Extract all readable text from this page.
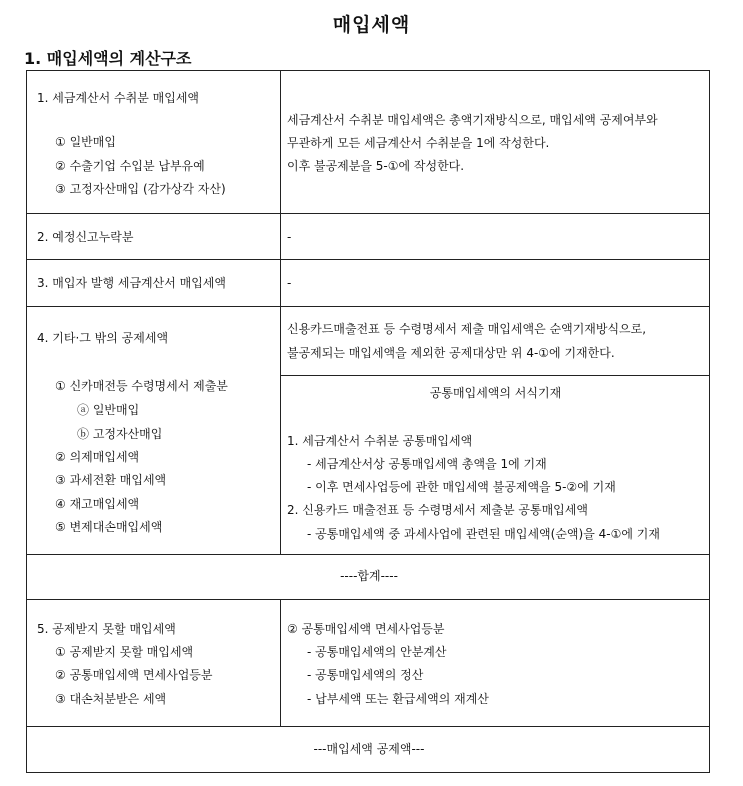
매입세액
1. 매입세액의 계산구조
1. 세금계산서 수취분 매입세액
① 일반매입
② 수출기업 수입분 납부유예
③ 고정자산매입 (감가상각 자산)
세금계산서 수취분 매입세액은 총액기재방식으로, 매입세액 공제여부와
무관하게 모든 세금계산서 수취분을 1에 작성한다.
이후 불공제분을 5-①에 작성한다.
2. 예정신고누락분	-
3. 매입자 발행 세금계산서 매입세액	-
4. 기타·그 밖의 공제세액
① 신카매전등 수령명세서 제출분
ⓐ 일반매입
ⓑ 고정자산매입
② 의제매입세액
③ 과세전환 매입세액
④ 재고매입세액
⑤ 변제대손매입세액
신용카드매출전표 등 수령명세서 제출 매입세액은 순액기재방식으로,
불공제되는 매입세액을 제외한 공제대상만 위 4-①에 기재한다.
공통매입세액의 서식기재
1. 세금계산서 수취분 공통매입세액
- 세금계산서상 공통매입세액 총액을 1에 기재
- 이후 면세사업등에 관한 매입세액 불공제액을 5-②에 기재
2. 신용카드 매출전표 등 수령명세서 제출분 공통매입세액
- 공통매입세액 중 과세사업에 관련된 매입세액(순액)을 4-①에 기재
----합계----
5. 공제받지 못할 매입세액
① 공제받지 못할 매입세액
② 공통매입세액 면세사업등분
③ 대손처분받은 세액
② 공통매입세액 면세사업등분
- 공통매입세액의 안분계산
- 공통매입세액의 정산
- 납부세액 또는 환급세액의 재계산
---매입세액 공제액---
